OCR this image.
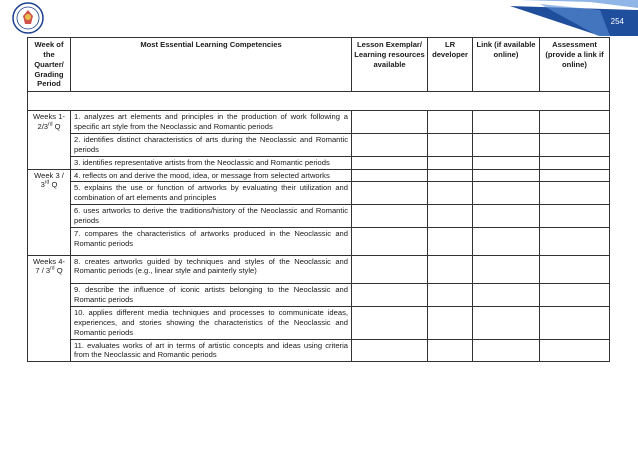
254
Week of the Quarter/ Grading Period	Most Essential Learning Competencies	Lesson Exemplar/ Learning resources available	LR developer	Link (if available online)	Assessment (provide a link if online)

Weeks 1-
2/3rd Q	1. analyzes art elements and principles in the production of work following a specific art style from the Neoclassic and Romantic periods				
	2. identifies distinct characteristics of arts during the Neoclassic and Romantic periods				
	3. identifies representative artists from the Neoclassic and Romantic periods				
Week 3 /
3rd Q	4. reflects on and derive the mood, idea, or message from selected artworks				
	5. explains the use or function of artworks by evaluating their utilization and combination of art elements and principles				
	6. uses artworks to derive the traditions/history of the Neoclassic and Romantic periods				
	7. compares the characteristics of artworks produced in the Neoclassic and Romantic periods				
Weeks 4-
7 / 3rd Q	8. creates artworks guided by techniques and styles of the Neoclassic and Romantic periods (e.g., linear style and painterly style)				
	9. describe the influence of iconic artists belonging to the Neoclassic and Romantic periods				
	10. applies different media techniques and processes to communicate ideas, experiences, and stories showing the characteristics of the Neoclassic and Romantic periods				
	11. evaluates works of art in terms of artistic concepts and ideas using criteria from the Neoclassic and Romantic periods				
